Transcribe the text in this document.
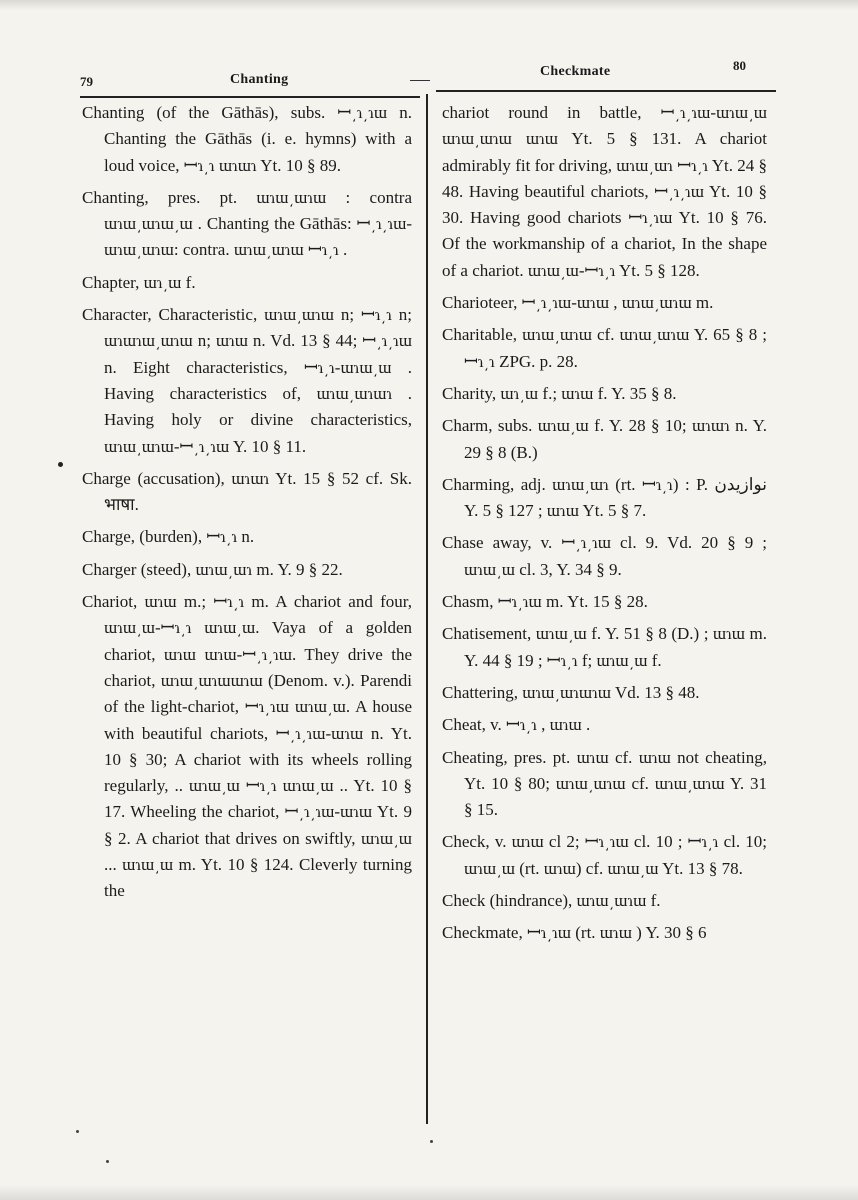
79	Chanting
Checkmate	80

Chanting (of the Gāthās), subs. ꟷ͵ɿ͵ɿɯ n. Chanting the Gāthās (i. e. hymns) with a loud voice, ꟷɿ͵ɿ ɯɿɯɿ Yt. 10 § 89.

Chanting, pres. pt. ɯɿɯ͵ɯɿɯ : contra ɯɿɯ͵ɯɿɯ͵ɯ . Chanting the Gāthās: ꟷ͵ɿ͵ɿɯ-ɯɿɯ͵ɯɿɯ: contra. ɯɿɯ͵ɯɿɯ ꟷɿ͵ɿ .

Chapter, ɯɿ͵ɯ f.

Character, Characteristic, ɯɿɯ͵ɯɿɯ n; ꟷɿ͵ɿ n; ɯɿɯɿɯ͵ɯɿɯ n; ɯɿɯ n. Vd. 13 § 44; ꟷ͵ɿ͵ɿɯ n. Eight characteristics, ꟷɿ͵ɿ-ɯɿɯ͵ɯ . Having characteristics of, ɯɿɯ͵ɯɿɯɿ . Having holy or divine characteristics, ɯɿɯ͵ɯɿɯ-ꟷ͵ɿ͵ɿɯ Y. 10 § 11.

Charge (accusation), ɯɿɯɿ Yt. 15 § 52 cf. Sk. भाषा.

Charge, (burden), ꟷɿ͵ɿ n.

Charger (steed), ɯɿɯ͵ɯɿ m. Y. 9 § 22.

Chariot, ɯɿɯ m.; ꟷɿ͵ɿ m. A chariot and four, ɯɿɯ͵ɯ-ꟷɿ͵ɿ ɯɿɯ͵ɯ. Vaya of a golden chariot, ɯɿɯ ɯɿɯ-ꟷ͵ɿ͵ɿɯ. They drive the chariot, ɯɿɯ͵ɯɿɯɯɿɯ (Denom. v.). Parendi of the light-chariot, ꟷɿ͵ɿɯ ɯɿɯ͵ɯ. A house with beautiful chariots, ꟷ͵ɿ͵ɿɯ-ɯɿɯ n. Yt. 10 § 30; A chariot with its wheels rolling regularly, .. ɯɿɯ͵ɯ ꟷɿ͵ɿ ɯɿɯ͵ɯ .. Yt. 10 § 17. Wheeling the chariot, ꟷ͵ɿ͵ɿɯ-ɯɿɯ Yt. 9 § 2. A chariot that drives on swiftly, ɯɿɯ͵ɯ ... ɯɿɯ͵ɯ m. Yt. 10 § 124. Cleverly turning the

chariot round in battle, ꟷ͵ɿ͵ɿɯ-ɯɿɯ͵ɯ ɯɿɯ͵ɯɿɯ ɯɿɯ Yt. 5 § 131. A chariot admirably fit for driving, ɯɿɯ͵ɯɿ ꟷɿ͵ɿ Yt. 24 § 48. Having beautiful chariots, ꟷ͵ɿ͵ɿɯ Yt. 10 § 30. Having good chariots ꟷɿ͵ɿɯ Yt. 10 § 76. Of the workmanship of a chariot, In the shape of a chariot. ɯɿɯ͵ɯ-ꟷɿ͵ɿ Yt. 5 § 128.

Charioteer, ꟷ͵ɿ͵ɿɯ-ɯɿɯ , ɯɿɯ͵ɯɿɯ m.

Charitable, ɯɿɯ͵ɯɿɯ cf. ɯɿɯ͵ɯɿɯ Y. 65 § 8 ; ꟷɿ͵ɿ ZPG. p. 28.

Charity, ɯɿ͵ɯ f.; ɯɿɯ f. Y. 35 § 8.

Charm, subs. ɯɿɯ͵ɯ f. Y. 28 § 10; ɯɿɯɿ n. Y. 29 § 8 (B.)

Charming, adj. ɯɿɯ͵ɯɿ (rt. ꟷɿ͵ɿ) : P. نوازیدن Y. 5 § 127 ; ɯɿɯ Yt. 5 § 7.

Chase away, v. ꟷ͵ɿ͵ɿɯ cl. 9. Vd. 20 § 9 ; ɯɿɯ͵ɯ cl. 3, Y. 34 § 9.

Chasm, ꟷɿ͵ɿɯ m. Yt. 15 § 28.

Chatisement, ɯɿɯ͵ɯ f. Y. 51 § 8 (D.) ; ɯɿɯ m. Y. 44 § 19 ; ꟷɿ͵ɿ f; ɯɿɯ͵ɯ f.

Chattering, ɯɿɯ͵ɯɿɯɿɯ Vd. 13 § 48.

Cheat, v. ꟷɿ͵ɿ , ɯɿɯ .

Cheating, pres. pt. ɯɿɯ cf. ɯɿɯ not cheating, Yt. 10 § 80; ɯɿɯ͵ɯɿɯ cf. ɯɿɯ͵ɯɿɯ Y. 31 § 15.

Check, v. ɯɿɯ cl 2; ꟷɿ͵ɿɯ cl. 10 ; ꟷɿ͵ɿ cl. 10; ɯɿɯ͵ɯ (rt. ɯɿɯ) cf. ɯɿɯ͵ɯ Yt. 13 § 78.

Check (hindrance), ɯɿɯ͵ɯɿɯ f.

Checkmate, ꟷɿ͵ɿɯ (rt. ɯɿɯ ) Y. 30 § 6
